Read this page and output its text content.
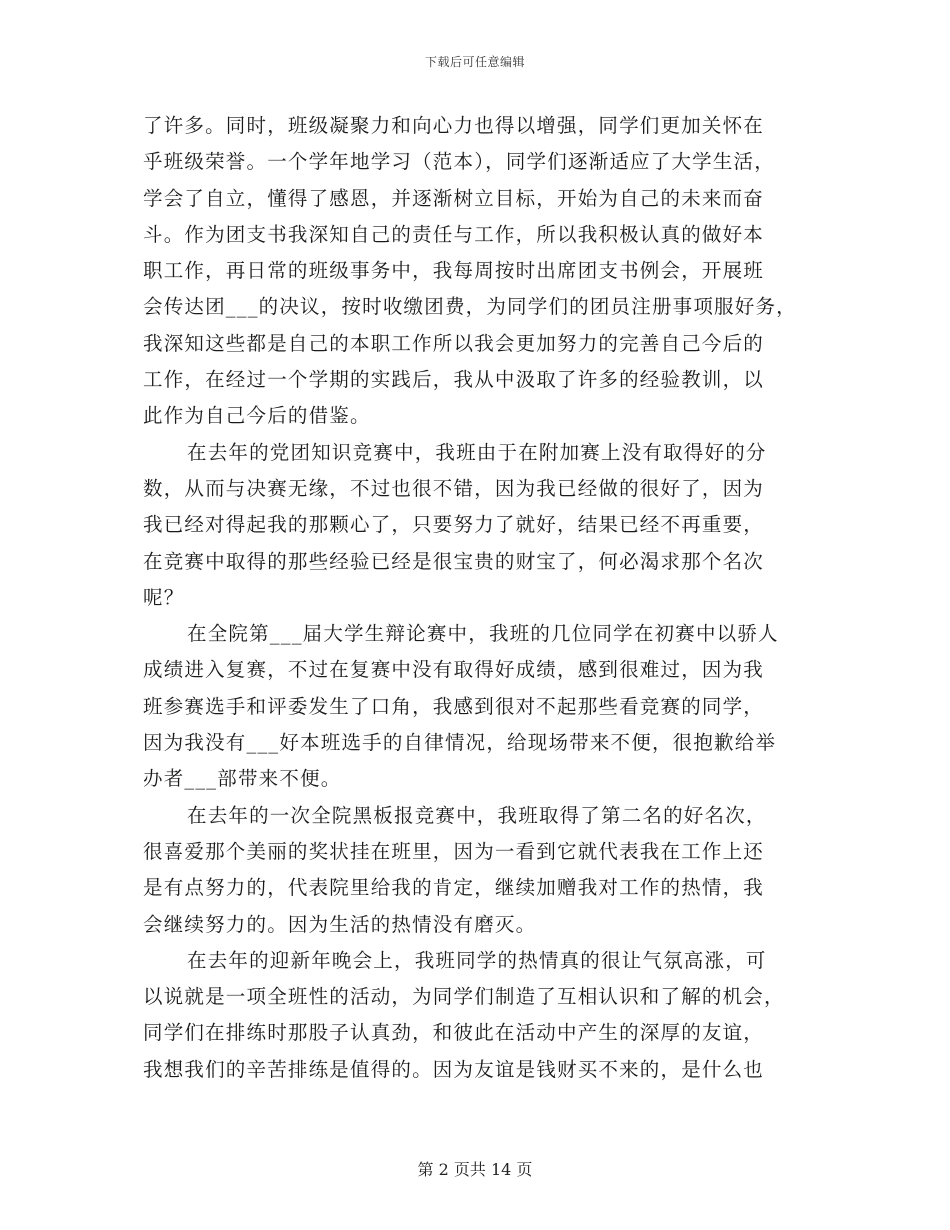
下载后可任意编辑
了许多。同时，班级凝聚力和向心力也得以增强，同学们更加关怀在
乎班级荣誉。一个学年地学习（范本），同学们逐渐适应了大学生活，
学会了自立，懂得了感恩，并逐渐树立目标，开始为自己的未来而奋
斗。作为团支书我深知自己的责任与工作，所以我积极认真的做好本
职工作，再日常的班级事务中，我每周按时出席团支书例会，开展班
会传达团___的决议，按时收缴团费，为同学们的团员注册事项服好务，
我深知这些都是自己的本职工作所以我会更加努力的完善自己今后的
工作，在经过一个学期的实践后，我从中汲取了许多的经验教训，以
此作为自己今后的借鉴。
在去年的党团知识竞赛中，我班由于在附加赛上没有取得好的分
数，从而与决赛无缘，不过也很不错，因为我已经做的很好了，因为
我已经对得起我的那颗心了，只要努力了就好，结果已经不再重要，
在竞赛中取得的那些经验已经是很宝贵的财宝了，何必渴求那个名次
呢？
在全院第___届大学生辩论赛中，我班的几位同学在初赛中以骄人
成绩进入复赛，不过在复赛中没有取得好成绩，感到很难过，因为我
班参赛选手和评委发生了口角，我感到很对不起那些看竞赛的同学，
因为我没有___好本班选手的自律情况，给现场带来不便，很抱歉给举
办者___部带来不便。
在去年的一次全院黑板报竞赛中，我班取得了第二名的好名次，
很喜爱那个美丽的奖状挂在班里，因为一看到它就代表我在工作上还
是有点努力的，代表院里给我的肯定，继续加赠我对工作的热情，我
会继续努力的。因为生活的热情没有磨灭。
在去年的迎新年晚会上，我班同学的热情真的很让气氛高涨，可
以说就是一项全班性的活动，为同学们制造了互相认识和了解的机会，
同学们在排练时那股子认真劲，和彼此在活动中产生的深厚的友谊，
我想我们的辛苦排练是值得的。因为友谊是钱财买不来的，是什么也
第 2 页共 14 页
